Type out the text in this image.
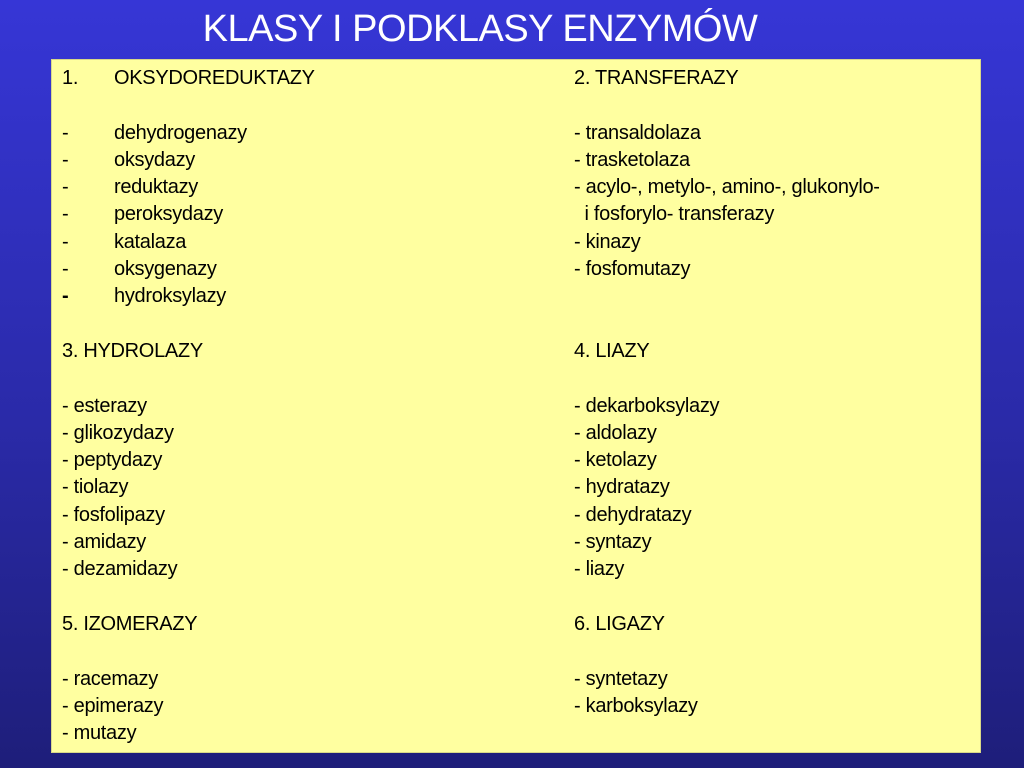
KLASY I PODKLASY ENZYMÓW
1. OKSYDOREDUKTAZY
- dehydrogenazy
- oksydazy
- reduktazy
- peroksydazy
- katalaza
- oksygenazy
- hydroksylazy
3. HYDROLAZY
- esterazy
- glikozydazy
- peptydazy
- tiolazy
- fosfolipazy
- amidazy
- dezamidazy
5. IZOMERAZY
- racemazy
- epimerazy
- mutazy
2. TRANSFERAZY
- transaldolaza
- trasketolaza
- acylo-, metylo-, amino-, glukonylo-
i fosforylo- transferazy
- kinazy
- fosfomutazy
4. LIAZY
- dekarboksylazy
- aldolazy
- ketolazy
- hydratazy
- dehydratazy
- syntazy
- liazy
6. LIGAZY
- syntetazy
- karboksylazy
